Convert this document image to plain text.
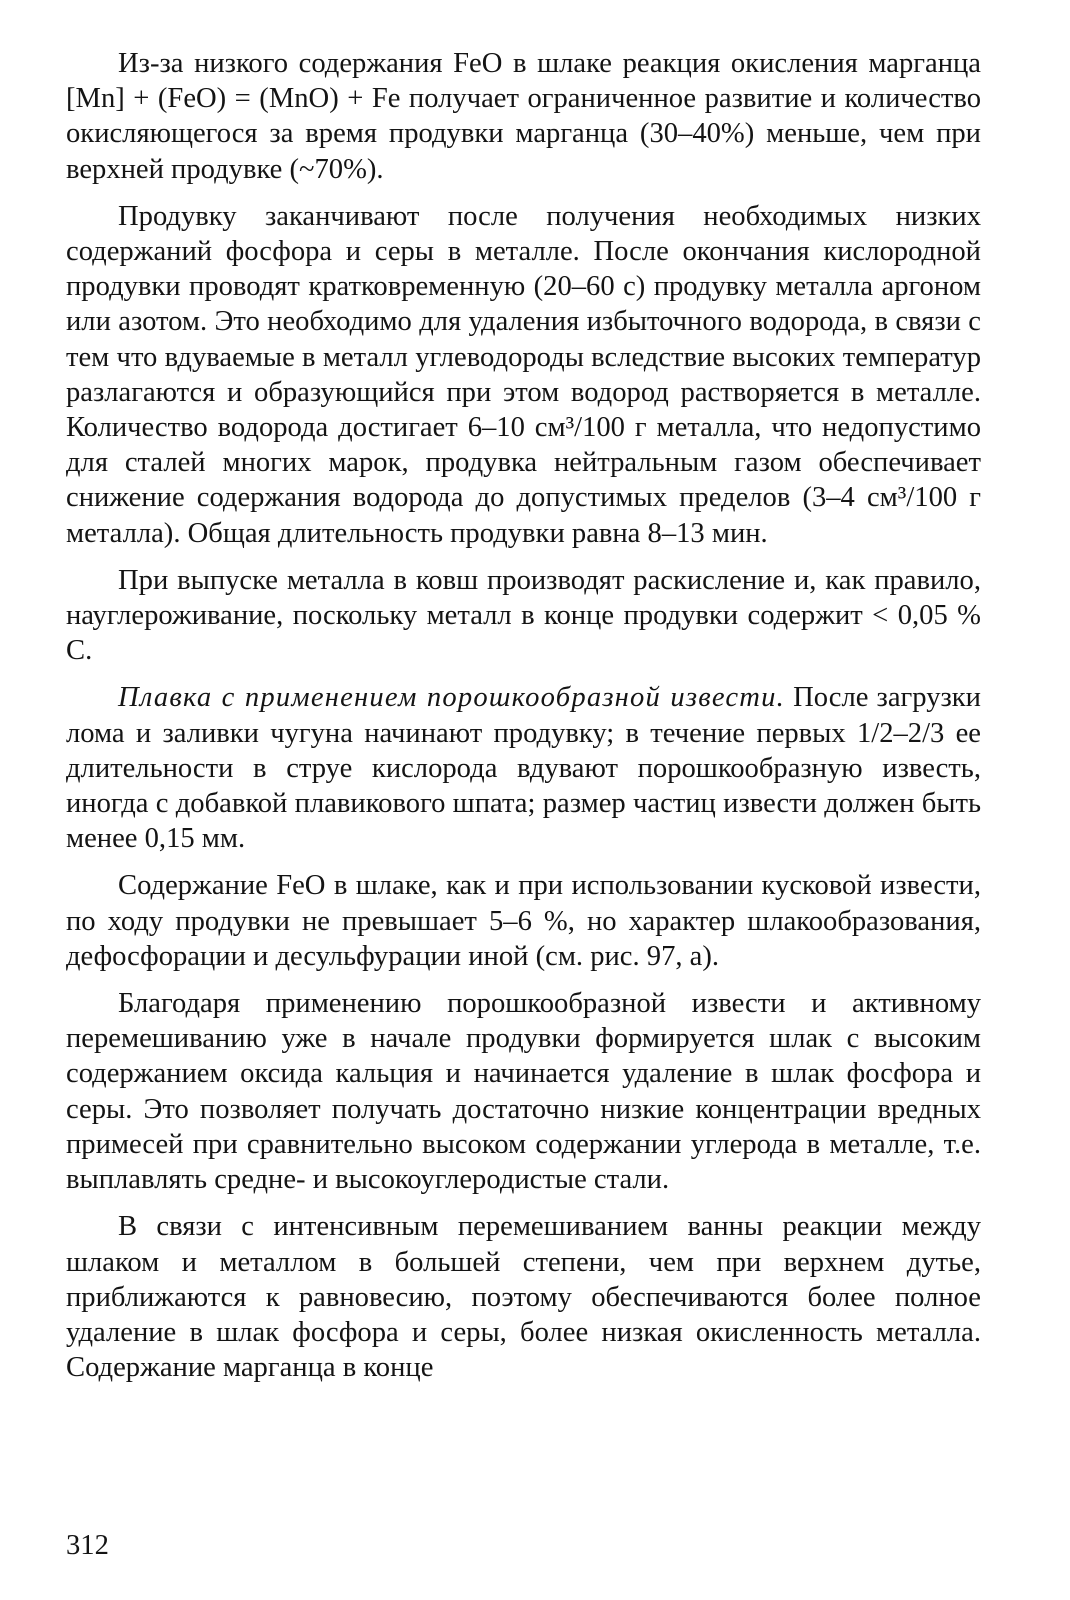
Из-за низкого содержания FeO в шлаке реакция окисления марганца [Mn] + (FeO) = (MnO) + Fe получает ограниченное развитие и количество окисляющегося за время продувки марганца (30–40%) меньше, чем при верхней продувке (~70%).

Продувку заканчивают после получения необходимых низких содержаний фосфора и серы в металле. После окончания кислородной продувки проводят кратковременную (20–60 с) продувку металла аргоном или азотом. Это необходимо для удаления избыточного водорода, в связи с тем что вдуваемые в металл углеводороды вследствие высоких температур разлагаются и образующийся при этом водород растворяется в металле. Количество водорода достигает 6–10 см³/100 г металла, что недопустимо для сталей многих марок, продувка нейтральным газом обеспечивает снижение содержания водорода до допустимых пределов (3–4 см³/100 г металла). Общая длительность продувки равна 8–13 мин.

При выпуске металла в ковш производят раскисление и, как правило, науглероживание, поскольку металл в конце продувки содержит < 0,05 % С.

Плавка с применением порошкообразной извести. После загрузки лома и заливки чугуна начинают продувку; в течение первых 1/2–2/3 ее длительности в струе кислорода вдувают порошкообразную известь, иногда с добавкой плавикового шпата; размер частиц извести должен быть менее 0,15 мм.

Содержание FeO в шлаке, как и при использовании кусковой извести, по ходу продувки не превышает 5–6 %, но характер шлакообразования, дефосфорации и десульфурации иной (см. рис. 97, а).

Благодаря применению порошкообразной извести и активному перемешиванию уже в начале продувки формируется шлак с высоким содержанием оксида кальция и начинается удаление в шлак фосфора и серы. Это позволяет получать достаточно низкие концентрации вредных примесей при сравнительно высоком содержании углерода в металле, т.е. выплавлять средне- и высокоуглеродистые стали.

В связи с интенсивным перемешиванием ванны реакции между шлаком и металлом в большей степени, чем при верхнем дутье, приближаются к равновесию, поэтому обеспечиваются более полное удаление в шлак фосфора и серы, более низкая окисленность металла. Содержание марганца в конце

312
